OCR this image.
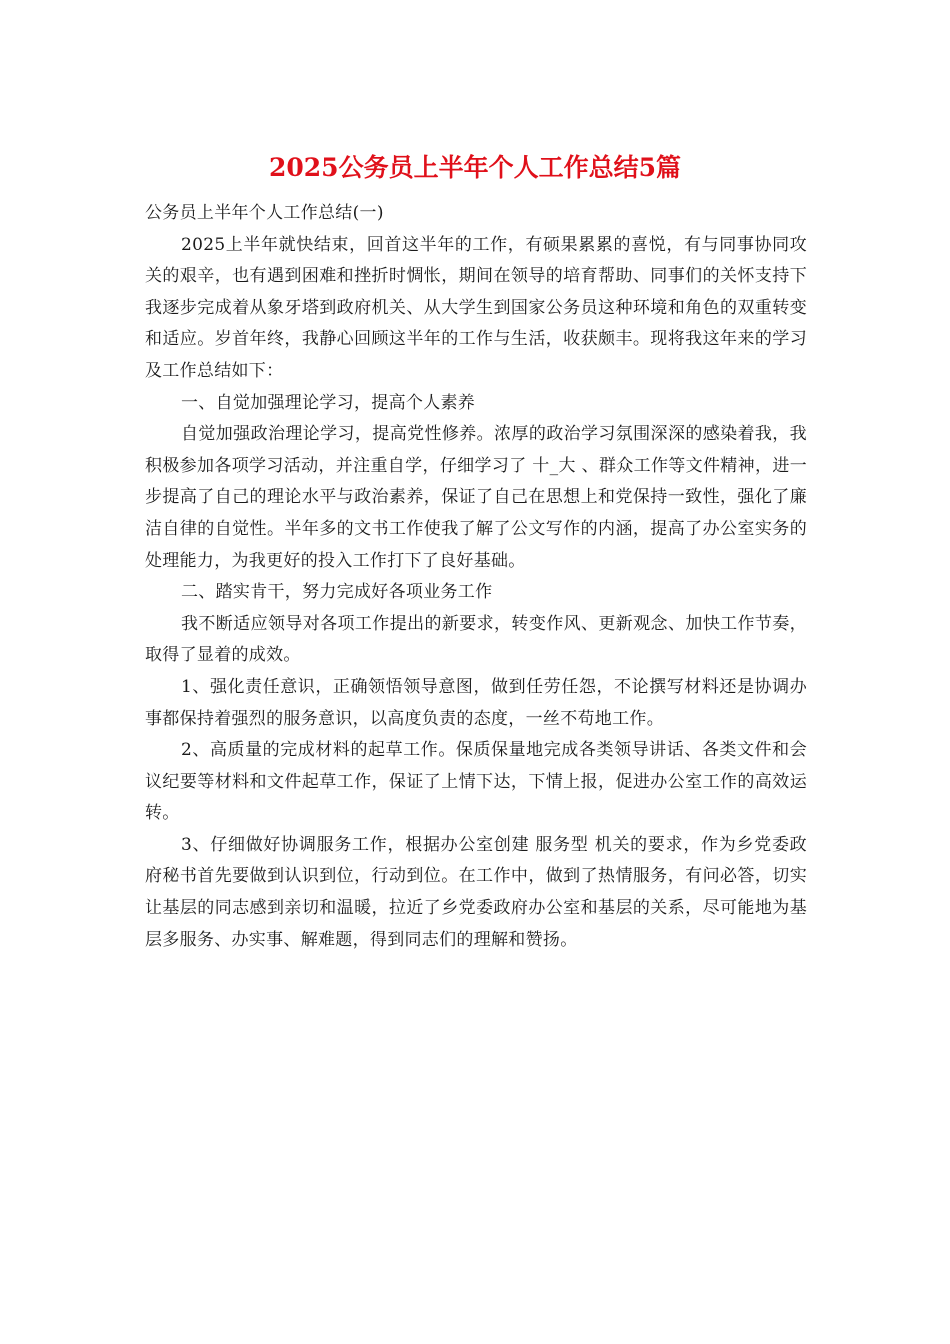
2025公务员上半年个人工作总结5篇

公务员上半年个人工作总结(一)

2025上半年就快结束，回首这半年的工作，有硕果累累的喜悦，有与同事协同攻关的艰辛，也有遇到困难和挫折时惆怅，期间在领导的培育帮助、同事们的关怀支持下我逐步完成着从象牙塔到政府机关、从大学生到国家公务员这种环境和角色的双重转变和适应。岁首年终，我静心回顾这半年的工作与生活，收获颇丰。现将我这年来的学习及工作总结如下：

一、自觉加强理论学习，提高个人素养

自觉加强政治理论学习，提高党性修养。浓厚的政治学习氛围深深的感染着我，我积极参加各项学习活动，并注重自学，仔细学习了 十_大 、群众工作等文件精神，进一步提高了自己的理论水平与政治素养，保证了自己在思想上和党保持一致性，强化了廉洁自律的自觉性。半年多的文书工作使我了解了公文写作的内涵，提高了办公室实务的处理能力，为我更好的投入工作打下了良好基础。

二、踏实肯干，努力完成好各项业务工作

我不断适应领导对各项工作提出的新要求，转变作风、更新观念、加快工作节奏，取得了显着的成效。

1、强化责任意识，正确领悟领导意图，做到任劳任怨，不论撰写材料还是协调办事都保持着强烈的服务意识，以高度负责的态度，一丝不苟地工作。

2、高质量的完成材料的起草工作。保质保量地完成各类领导讲话、各类文件和会议纪要等材料和文件起草工作，保证了上情下达，下情上报，促进办公室工作的高效运转。

3、仔细做好协调服务工作，根据办公室创建 服务型 机关的要求，作为乡党委政府秘书首先要做到认识到位，行动到位。在工作中，做到了热情服务，有问必答，切实让基层的同志感到亲切和温暖，拉近了乡党委政府办公室和基层的关系，尽可能地为基层多服务、办实事、解难题，得到同志们的理解和赞扬。
